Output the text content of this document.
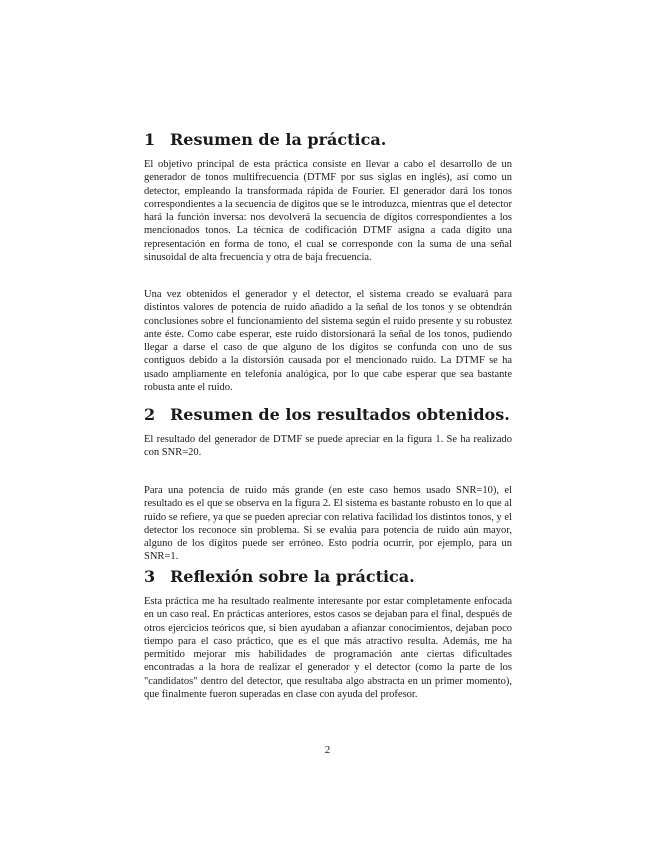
1 Resumen de la práctica.

El objetivo principal de esta práctica consiste en llevar a cabo el desarrollo de un generador de tonos multifrecuencia (DTMF por sus siglas en inglés), así como un detector, empleando la transformada rápida de Fourier. El generador dará los tonos correspondientes a la secuencia de dígitos que se le introduzca, mientras que el detector hará la función inversa: nos devolverá la secuencia de dígitos correspondientes a los mencionados tonos. La técnica de codificación DTMF asigna a cada dígito una representación en forma de tono, el cual se corresponde con la suma de una señal sinusoidal de alta frecuencia y otra de baja frecuencia.

Una vez obtenidos el generador y el detector, el sistema creado se evaluará para distintos valores de potencia de ruido añadido a la señal de los tonos y se obtendrán conclusiones sobre el funcionamiento del sistema según el ruido presente y su robustez ante éste. Como cabe esperar, este ruido distorsionará la señal de los tonos, pudiendo llegar a darse el caso de que alguno de los dígitos se confunda con uno de sus contiguos debido a la distorsión causada por el mencionado ruido. La DTMF se ha usado ampliamente en telefonía analógica, por lo que cabe esperar que sea bastante robusta ante el ruido.

2 Resumen de los resultados obtenidos.

El resultado del generador de DTMF se puede apreciar en la figura 1. Se ha realizado con SNR=20.

Para una potencia de ruido más grande (en este caso hemos usado SNR=10), el resultado es el que se observa en la figura 2. El sistema es bastante robusto en lo que al ruido se refiere, ya que se pueden apreciar con relativa facilidad los distintos tonos, y el detector los reconoce sin problema. Si se evalúa para potencia de ruido aún mayor, alguno de los dígitos puede ser erróneo. Esto podría ocurrir, por ejemplo, para un SNR=1.

3 Reflexión sobre la práctica.

Esta práctica me ha resultado realmente interesante por estar completamente enfocada en un caso real. En prácticas anteriores, estos casos se dejaban para el final, después de otros ejercicios teóricos que, si bien ayudaban a afianzar conocimientos, dejaban poco tiempo para el caso práctico, que es el que más atractivo resulta. Además, me ha permitido mejorar mis habilidades de programación ante ciertas dificultades encontradas a la hora de realizar el generador y el detector (como la parte de los "candidatos" dentro del detector, que resultaba algo abstracta en un primer momento), que finalmente fueron superadas en clase con ayuda del profesor.

2
